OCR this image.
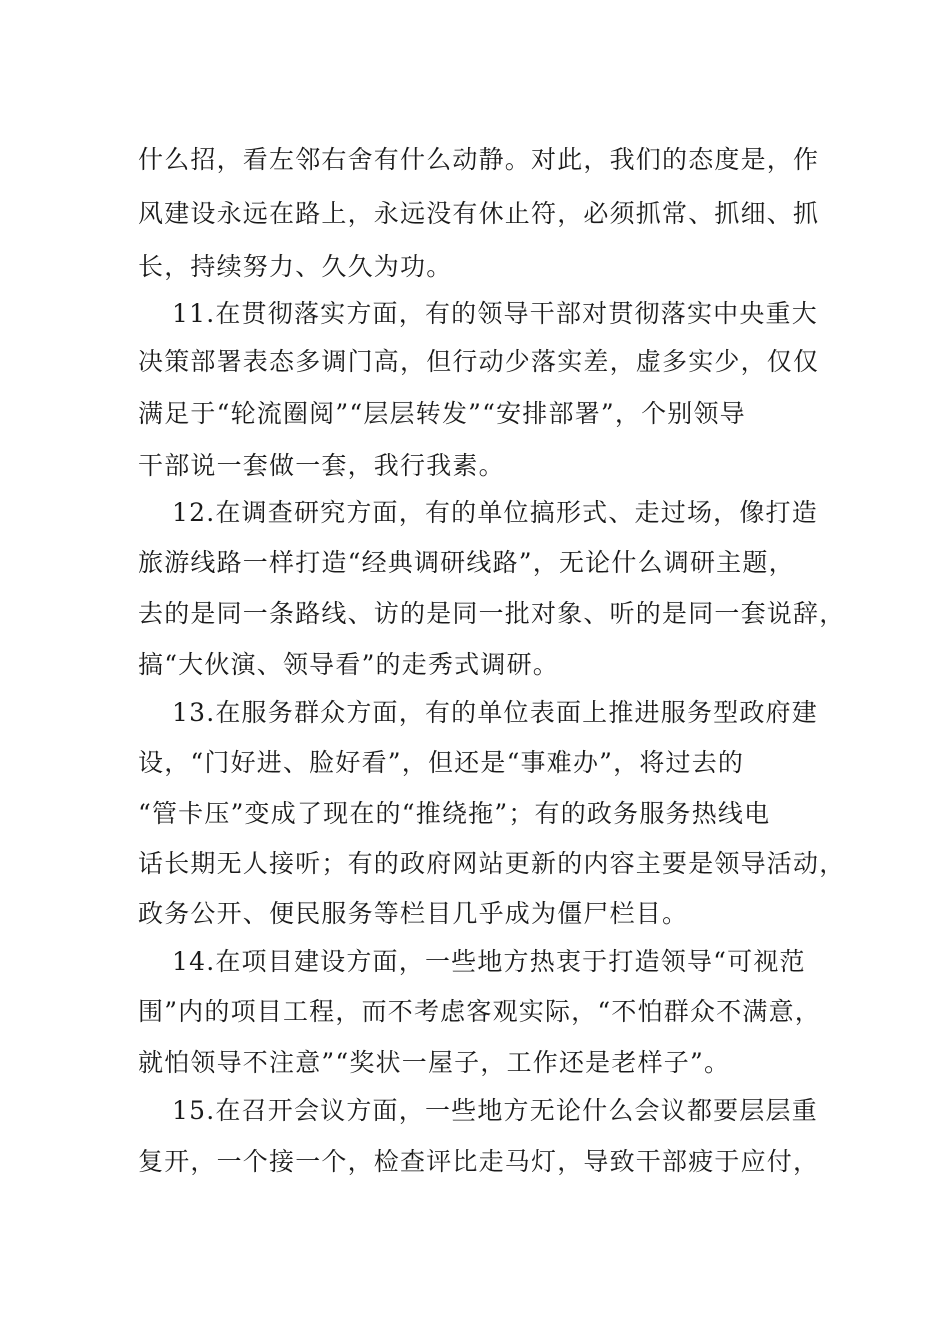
什么招，看左邻右舍有什么动静。对此，我们的态度是，作
风建设永远在路上，永远没有休止符，必须抓常、抓细、抓
长，持续努力、久久为功。
11.在贯彻落实方面，有的领导干部对贯彻落实中央重大
决策部署表态多调门高，但行动少落实差，虚多实少，仅仅
满足于“轮流圈阅”“层层转发”“安排部署”，个别领导
干部说一套做一套，我行我素。
12.在调查研究方面，有的单位搞形式、走过场，像打造
旅游线路一样打造“经典调研线路”，无论什么调研主题，
去的是同一条路线、访的是同一批对象、听的是同一套说辞，
搞“大伙演、领导看”的走秀式调研。
13.在服务群众方面，有的单位表面上推进服务型政府建
设，“门好进、脸好看”，但还是“事难办”，将过去的
“管卡压”变成了现在的“推绕拖”；有的政务服务热线电
话长期无人接听；有的政府网站更新的内容主要是领导活动，
政务公开、便民服务等栏目几乎成为僵尸栏目。
14.在项目建设方面，一些地方热衷于打造领导“可视范
围”内的项目工程，而不考虑客观实际，“不怕群众不满意，
就怕领导不注意”“奖状一屋子，工作还是老样子”。
15.在召开会议方面，一些地方无论什么会议都要层层重
复开，一个接一个，检查评比走马灯，导致干部疲于应付，
